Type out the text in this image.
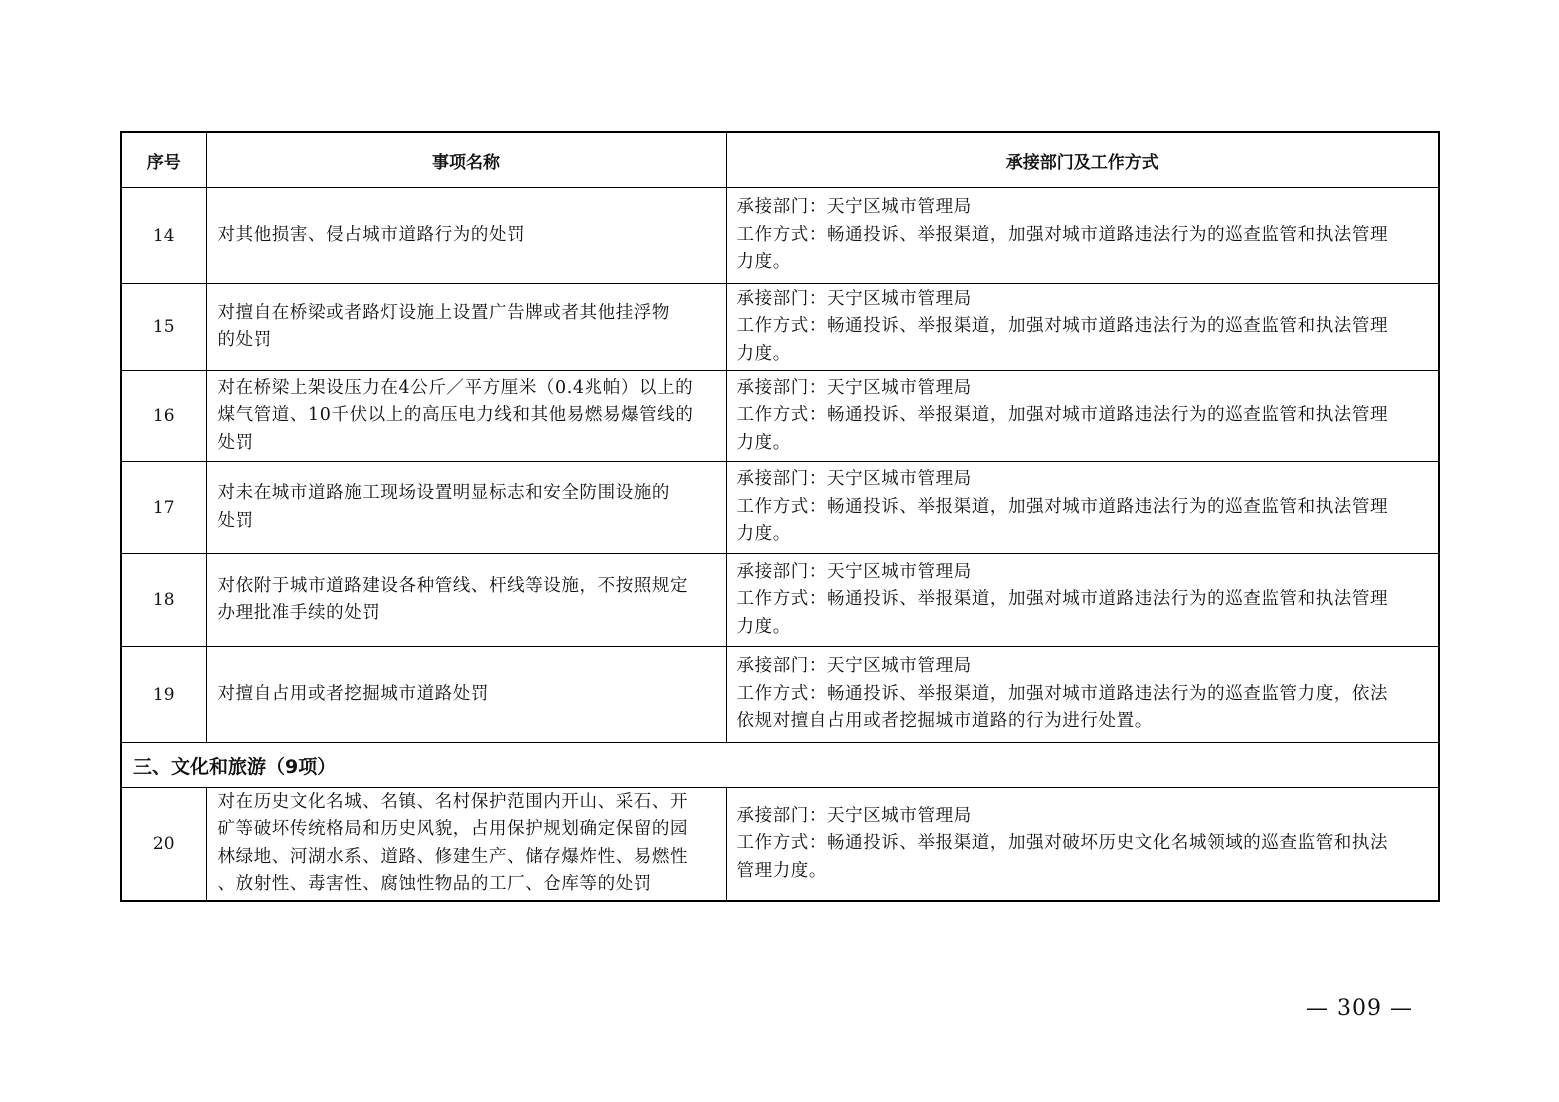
序号	事项名称	承接部门及工作方式
14	对其他损害、侵占城市道路行为的处罚	承接部门：天宁区城市管理局
工作方式：畅通投诉、举报渠道，加强对城市道路违法行为的巡查监管和执法管理
力度。

15	对擅自在桥梁或者路灯设施上设置广告牌或者其他挂浮物
的处罚	承接部门：天宁区城市管理局
工作方式：畅通投诉、举报渠道，加强对城市道路违法行为的巡查监管和执法管理
力度。

16	对在桥梁上架设压力在4公斤／平方厘米（0.4兆帕）以上的
煤气管道、10千伏以上的高压电力线和其他易燃易爆管线的
处罚	承接部门：天宁区城市管理局
工作方式：畅通投诉、举报渠道，加强对城市道路违法行为的巡查监管和执法管理
力度。

17	对未在城市道路施工现场设置明显标志和安全防围设施的
处罚	承接部门：天宁区城市管理局
工作方式：畅通投诉、举报渠道，加强对城市道路违法行为的巡查监管和执法管理
力度。

18	对依附于城市道路建设各种管线、杆线等设施，不按照规定
办理批准手续的处罚	承接部门：天宁区城市管理局
工作方式：畅通投诉、举报渠道，加强对城市道路违法行为的巡查监管和执法管理
力度。

19	对擅自占用或者挖掘城市道路处罚	承接部门：天宁区城市管理局
工作方式：畅通投诉、举报渠道，加强对城市道路违法行为的巡查监管力度，依法
依规对擅自占用或者挖掘城市道路的行为进行处置。

三、文化和旅游（9项）		
20	对在历史文化名城、名镇、名村保护范围内开山、采石、开
矿等破坏传统格局和历史风貌，占用保护规划确定保留的园
林绿地、河湖水系、道路、修建生产、储存爆炸性、易燃性
、放射性、毒害性、腐蚀性物品的工厂、仓库等的处罚	承接部门：天宁区城市管理局
工作方式：畅通投诉、举报渠道，加强对破坏历史文化名城领域的巡查监管和执法
管理力度。
— 309 —
